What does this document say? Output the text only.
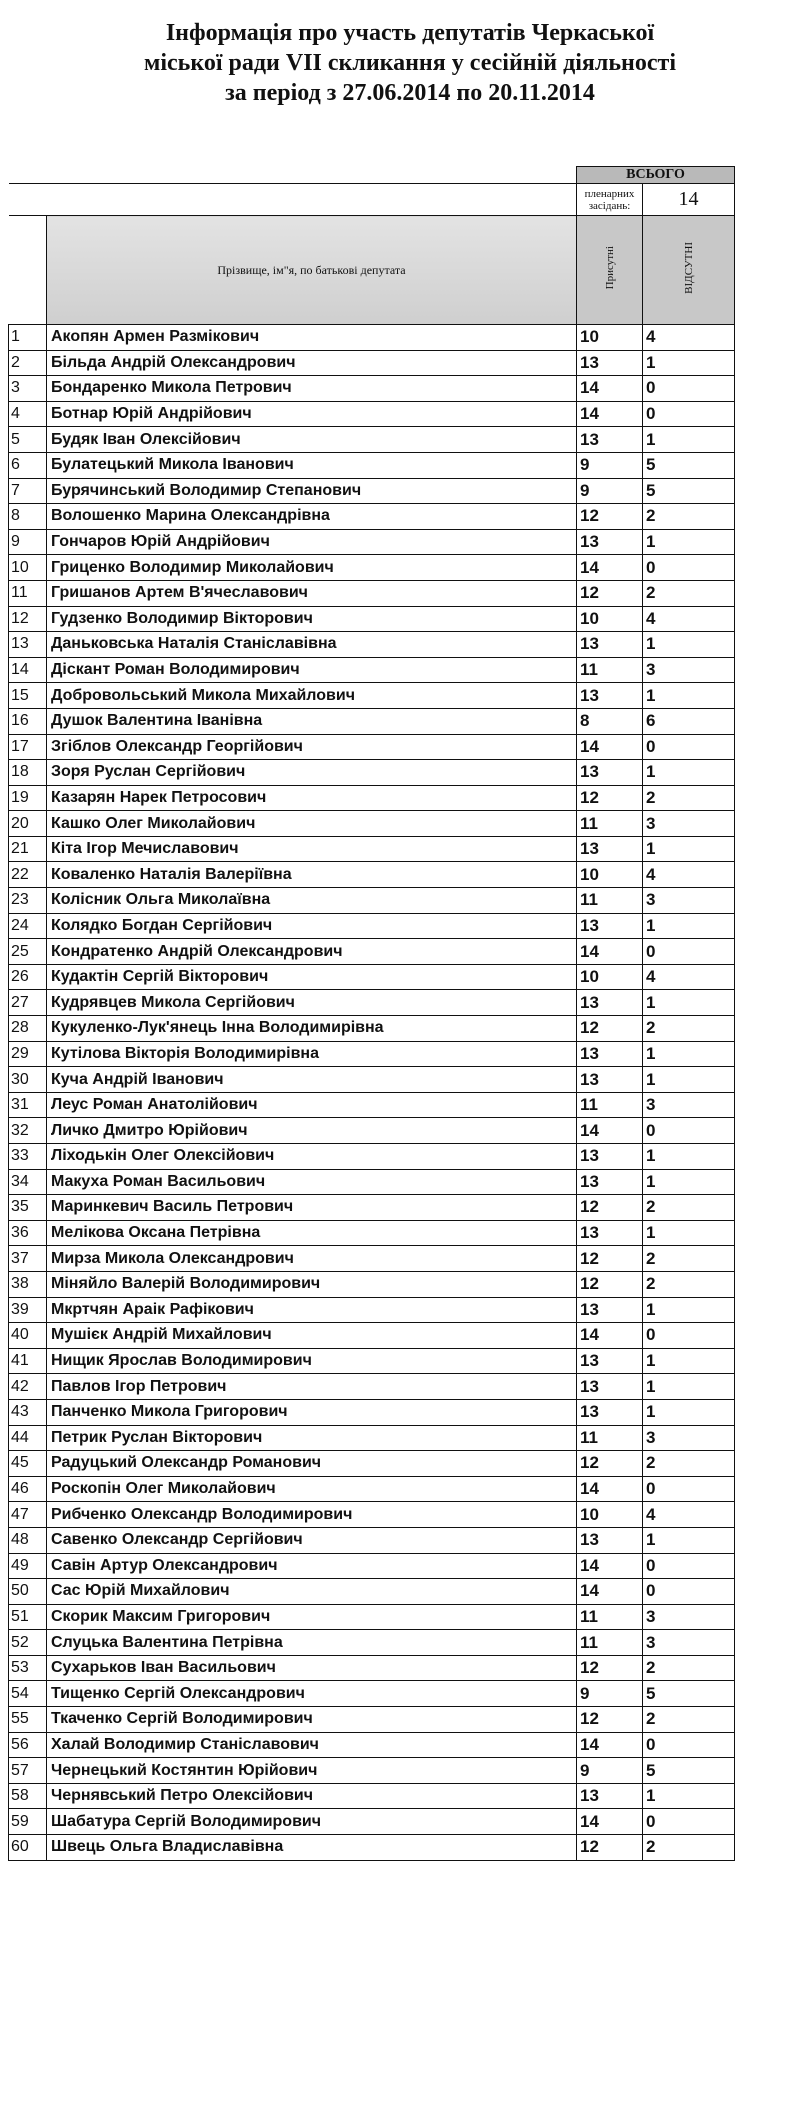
Інформація про участь депутатів Черкаської
міської ради VII скликання у сесійній діяльності
за період з 27.06.2014 по 20.11.2014
		ВСЬОГО	
		пленарних засідань:	14
	Прізвище, ім"я, по батькові депутата	Присутні	ВІДСУТНІ
1	Акопян Армен Размікович	10	4
2	Більда Андрій Олександрович	13	1
3	Бондаренко Микола Петрович	14	0
4	Ботнар Юрій Андрійович	14	0
5	Будяк Іван Олексійович	13	1
6	Булатецький Микола Іванович	9	5
7	Бурячинський Володимир Степанович	9	5
8	Волошенко Марина Олександрівна	12	2
9	Гончаров Юрій Андрійович	13	1
10	Гриценко Володимир Миколайович	14	0
11	Гришанов Артем В'ячеславович	12	2
12	Гудзенко Володимир Вікторович	10	4
13	Даньковська Наталія Станіславівна	13	1
14	Діскант Роман Володимирович	11	3
15	Добровольський Микола Михайлович	13	1
16	Душок Валентина Іванівна	8	6
17	Згіблов Олександр Георгійович	14	0
18	Зоря Руслан Сергійович	13	1
19	Казарян Нарек Петросович	12	2
20	Кашко Олег Миколайович	11	3
21	Кіта Ігор Мечиславович	13	1
22	Коваленко Наталія Валеріївна	10	4
23	Колісник Ольга Миколаївна	11	3
24	Колядко Богдан Сергійович	13	1
25	Кондратенко Андрій Олександрович	14	0
26	Кудактін Сергій Вікторович	10	4
27	Кудрявцев Микола Сергійович	13	1
28	Кукуленко-Лук'янець Інна Володимирівна	12	2
29	Кутілова Вікторія Володимирівна	13	1
30	Куча Андрій Іванович	13	1
31	Леус Роман Анатолійович	11	3
32	Личко Дмитро Юрійович	14	0
33	Ліходькін Олег Олексійович	13	1
34	Макуха Роман Васильович	13	1
35	Маринкевич Василь Петрович	12	2
36	Мелікова Оксана Петрівна	13	1
37	Мирза Микола Олександрович	12	2
38	Міняйло Валерій Володимирович	12	2
39	Мкртчян Араік Рафікович	13	1
40	Мушієк Андрій Михайлович	14	0
41	Нищик Ярослав Володимирович	13	1
42	Павлов Ігор Петрович	13	1
43	Панченко Микола Григорович	13	1
44	Петрик Руслан Вікторович	11	3
45	Радуцький Олександр Романович	12	2
46	Роскопін Олег Миколайович	14	0
47	Рибченко Олександр Володимирович	10	4
48	Савенко Олександр Сергійович	13	1
49	Савін Артур Олександрович	14	0
50	Сас Юрій Михайлович	14	0
51	Скорик Максим Григорович	11	3
52	Слуцька Валентина Петрівна	11	3
53	Сухарьков Іван Васильович	12	2
54	Тищенко Сергій Олександрович	9	5
55	Ткаченко Сергій Володимирович	12	2
56	Халай Володимир Станіславович	14	0
57	Чернецький Костянтин Юрійович	9	5
58	Чернявський Петро Олексійович	13	1
59	Шабатура Сергій Володимирович	14	0
60	Швець Ольга Владиславівна	12	2
